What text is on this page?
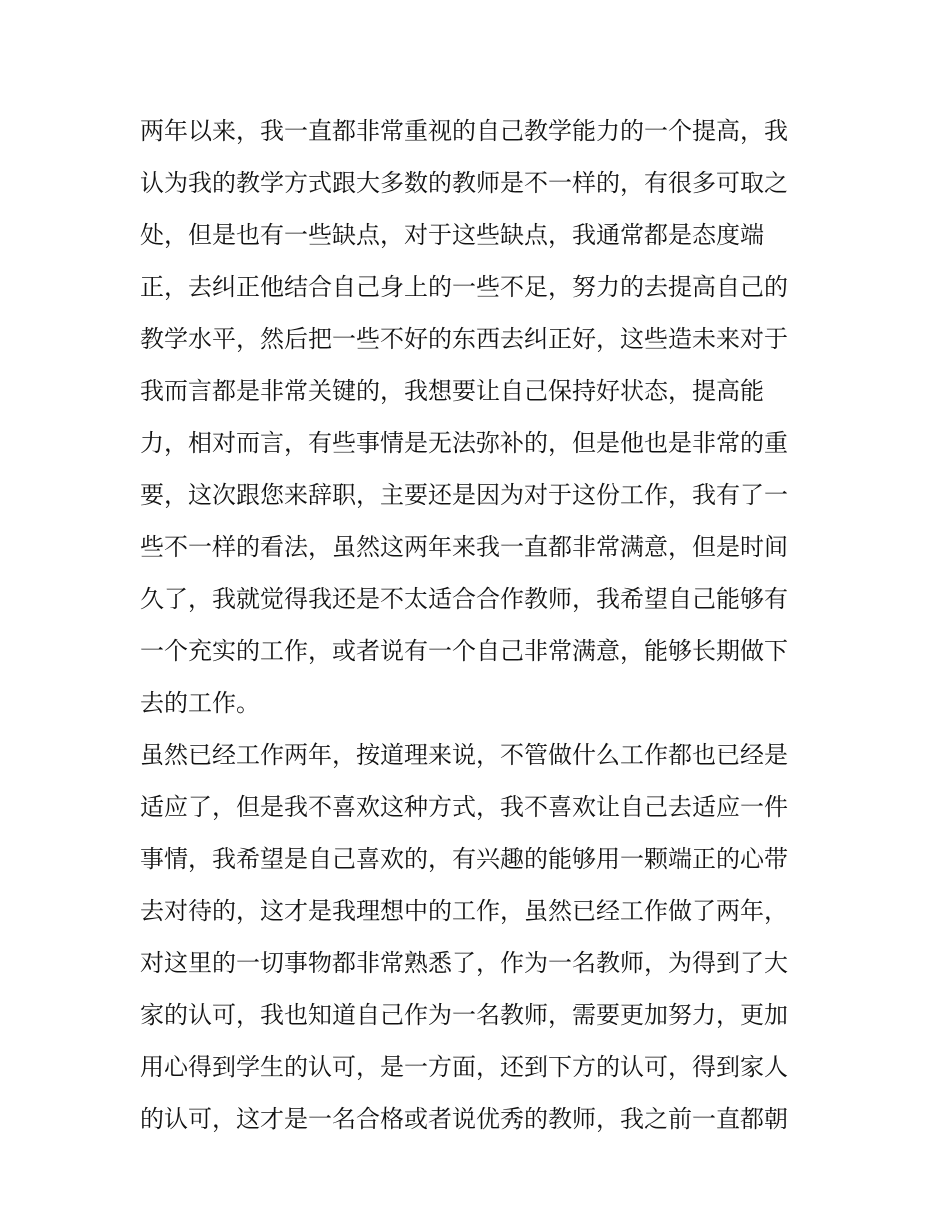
两年以来，我一直都非常重视的自己教学能力的一个提高，我
认为我的教学方式跟大多数的教师是不一样的，有很多可取之
处，但是也有一些缺点，对于这些缺点，我通常都是态度端
正，去纠正他结合自己身上的一些不足，努力的去提高自己的
教学水平，然后把一些不好的东西去纠正好，这些造未来对于
我而言都是非常关键的，我想要让自己保持好状态，提高能
力，相对而言，有些事情是无法弥补的，但是他也是非常的重
要，这次跟您来辞职，主要还是因为对于这份工作，我有了一
些不一样的看法，虽然这两年来我一直都非常满意，但是时间
久了，我就觉得我还是不太适合合作教师，我希望自己能够有
一个充实的工作，或者说有一个自己非常满意，能够长期做下
去的工作。
虽然已经工作两年，按道理来说，不管做什么工作都也已经是
适应了，但是我不喜欢这种方式，我不喜欢让自己去适应一件
事情，我希望是自己喜欢的，有兴趣的能够用一颗端正的心带
去对待的，这才是我理想中的工作，虽然已经工作做了两年，
对这里的一切事物都非常熟悉了，作为一名教师，为得到了大
家的认可，我也知道自己作为一名教师，需要更加努力，更加
用心得到学生的认可，是一方面，还到下方的认可，得到家人
的认可，这才是一名合格或者说优秀的教师，我之前一直都朝
